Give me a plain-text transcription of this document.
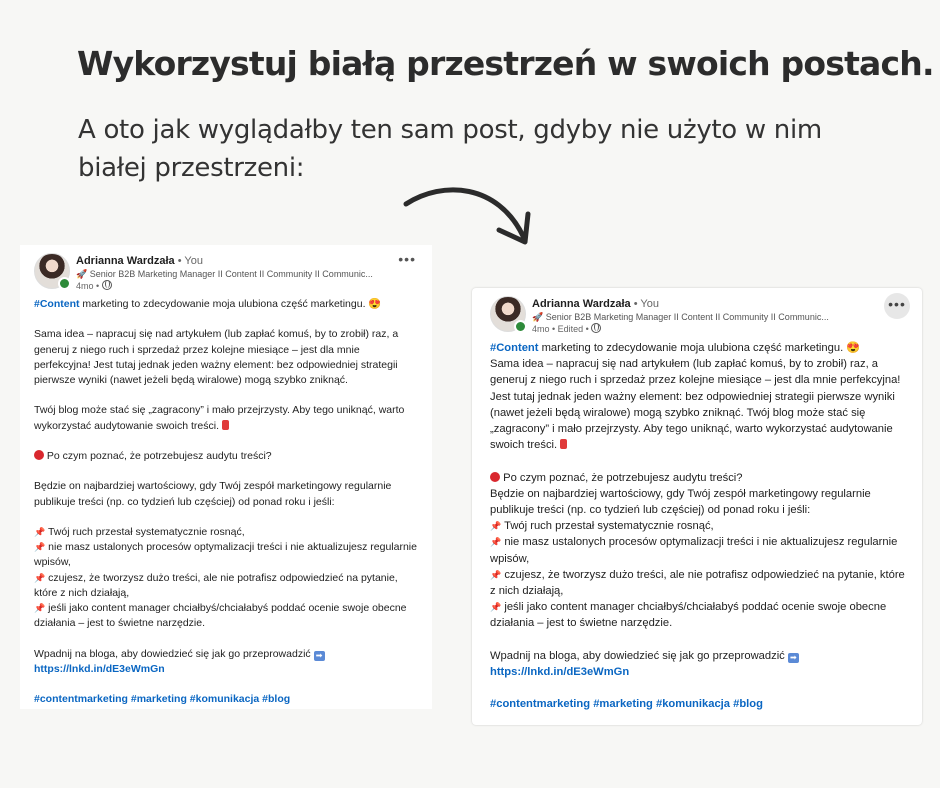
Wykorzystuj białą przestrzeń w swoich postach.

A oto jak wyglądałby ten sam post, gdyby nie użyto w nim białej przestrzeni:

Adrianna Wardzała • You
🚀 Senior B2B Marketing Manager II Content II Community II Communic...
4mo •
•••

#Content marketing to zdecydowanie moja ulubiona część marketingu. 😍

Sama idea – napracuj się nad artykułem (lub zapłać komuś, by to zrobił) raz, a generuj z niego ruch i sprzedaż przez kolejne miesiące – jest dla mnie perfekcyjna! Jest tutaj jednak jeden ważny element: bez odpowiedniej strategii pierwsze wyniki (nawet jeżeli będą wiralowe) mogą szybko zniknąć.

Twój blog może stać się „zagracony” i mało przejrzysty. Aby tego uniknąć, warto wykorzystać audytowanie swoich treści.

Po czym poznać, że potrzebujesz audytu treści?

Będzie on najbardziej wartościowy, gdy Twój zespół marketingowy regularnie publikuje treści (np. co tydzień lub częściej) od ponad roku i jeśli:

📌 Twój ruch przestał systematycznie rosnąć,

📌 nie masz ustalonych procesów optymalizacji treści i nie aktualizujesz regularnie wpisów,

📌 czujesz, że tworzysz dużo treści, ale nie potrafisz odpowiedzieć na pytanie, które z nich działają,

📌 jeśli jako content manager chciałbyś/chciałabyś poddać ocenie swoje obecne działania – jest to świetne narzędzie.

Wpadnij na bloga, aby dowiedzieć się jak go przeprowadzić ➡

https://lnkd.in/dE3eWmGn

#contentmarketing #marketing #komunikacja #blog

Adrianna Wardzała • You
🚀 Senior B2B Marketing Manager II Content II Community II Communic...
4mo • Edited •
•••

#Content marketing to zdecydowanie moja ulubiona część marketingu. 😍

Sama idea – napracuj się nad artykułem (lub zapłać komuś, by to zrobił) raz, a generuj z niego ruch i sprzedaż przez kolejne miesiące – jest dla mnie perfekcyjna! Jest tutaj jednak jeden ważny element: bez odpowiedniej strategii pierwsze wyniki (nawet jeżeli będą wiralowe) mogą szybko zniknąć. Twój blog może stać się „zagracony” i mało przejrzysty. Aby tego uniknąć, warto wykorzystać audytowanie swoich treści.

Po czym poznać, że potrzebujesz audytu treści?

Będzie on najbardziej wartościowy, gdy Twój zespół marketingowy regularnie publikuje treści (np. co tydzień lub częściej) od ponad roku i jeśli:

📌 Twój ruch przestał systematycznie rosnąć,

📌 nie masz ustalonych procesów optymalizacji treści i nie aktualizujesz regularnie wpisów,

📌 czujesz, że tworzysz dużo treści, ale nie potrafisz odpowiedzieć na pytanie, które z nich działają,

📌 jeśli jako content manager chciałbyś/chciałabyś poddać ocenie swoje obecne działania – jest to świetne narzędzie.

Wpadnij na bloga, aby dowiedzieć się jak go przeprowadzić ➡

https://lnkd.in/dE3eWmGn

#contentmarketing #marketing #komunikacja #blog
